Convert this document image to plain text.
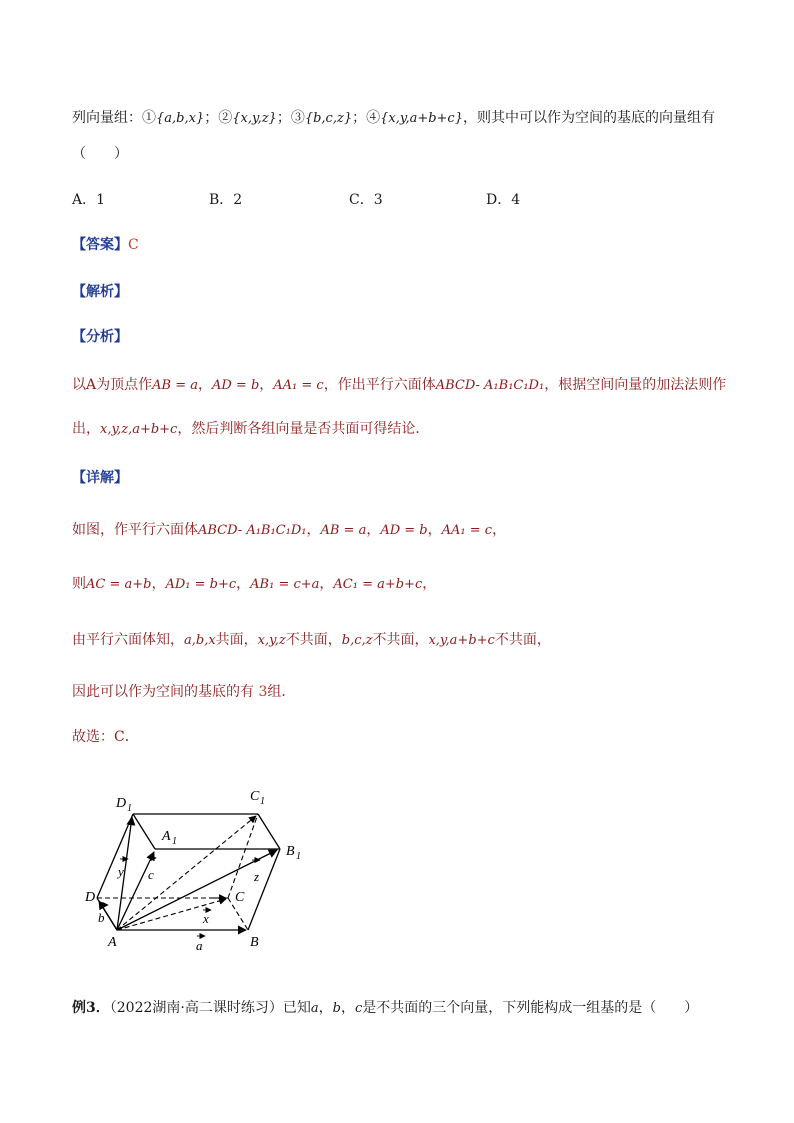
列向量组：①{a,b,x}；②{x,y,z}；③{b,c,z}；④{x,y,a+b+c}，则其中可以作为空间的基底的向量组有
（　　）
A．1	B．2	C．3	D．4
【答案】C
【解析】
【分析】
以A为顶点作AB = a，AD = b，AA₁ = c，作出平行六面体ABCD- A₁B₁C₁D₁，根据空间向量的加法法则作
出，x,y,z,a+b+c，然后判断各组向量是否共面可得结论．
【详解】
如图，作平行六面体ABCD- A₁B₁C₁D₁，AB = a，AD = b，AA₁ = c，
则AC = a+b，AD₁ = b+c，AB₁ = c+a，AC₁ = a+b+c，
由平行六面体知，a,b,x共面，x,y,z不共面，b,c,z不共面，x,y,a+b+c不共面，
因此可以作为空间的基底的有 3组．
故选：C．
D 1
C 1
A 1
B 1
D	C
A	B
y c	z
x
b
a
例3．（2022湖南·高二课时练习）已知a，b，c是不共面的三个向量，下列能构成一组基的是（　　）
